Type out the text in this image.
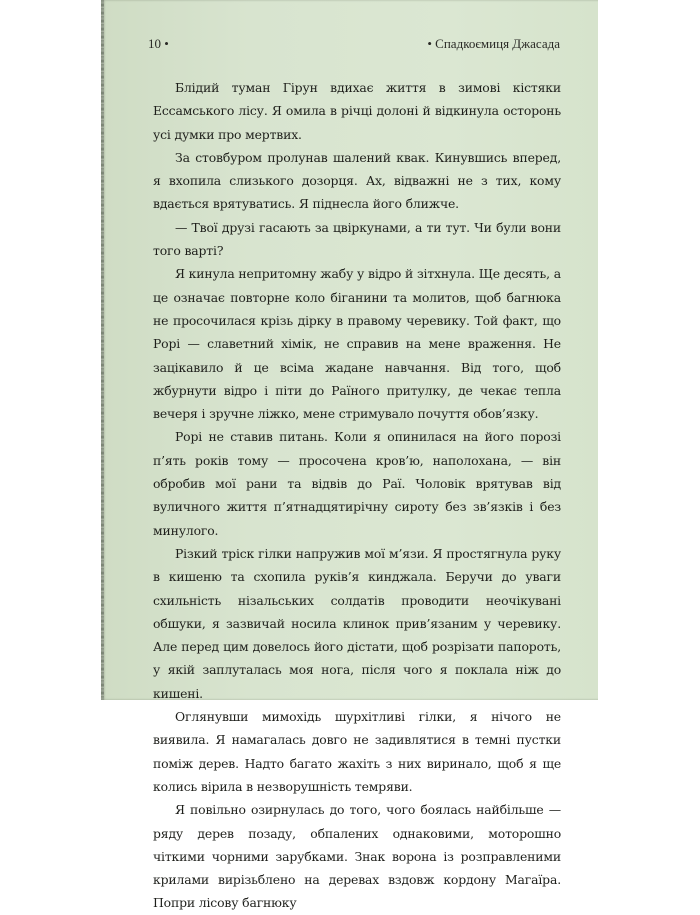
10 •	• Спадкоємиця Джасада

Блідий туман Гірун вдихає життя в зимові кістяки Ессамського лісу. Я омила в річці долоні й відкинула осторонь усі думки про мертвих.

За стовбуром пролунав шалений квак. Кинувшись вперед, я вхопила слизького дозорця. Ах, відважні не з тих, кому вдається врятуватись. Я піднесла його ближче.

— Твої друзі гасають за цвіркунами, а ти тут. Чи були вони того варті?

Я кинула непритомну жабу у відро й зітхнула. Ще десять, а це означає повторне коло біганини та молитов, щоб багнюка не просочилася крізь дірку в правому черевику. Той факт, що Рорі — славетний хімік, не справив на мене враження. Не зацікавило й це всіма жадане навчання. Від того, щоб жбурнути відро і піти до Раїного притулку, де чекає тепла вечеря і зручне ліжко, мене стримувало почуття обов’язку.

Рорі не ставив питань. Коли я опинилася на його порозі п’ять років тому — просочена кров’ю, наполохана, — він обробив мої рани та відвів до Раї. Чоловік врятував від вуличного життя п’ятнадцятирічну сироту без зв’язків і без минулого.

Різкий тріск гілки напружив мої м’язи. Я простягнула руку в кишеню та схопила руків’я кинджала. Беручи до уваги схильність нізальських солдатів проводити неочікувані обшуки, я зазвичай носила клинок прив’язаним у черевику. Але перед цим довелось його дістати, щоб розрізати папороть, у якій заплуталась моя нога, після чого я поклала ніж до кишені.

Оглянувши мимохідь шурхітливі гілки, я нічого не виявила. Я намагалась довго не задивлятися в темні пустки поміж дерев. Надто багато жахіть з них виринало, щоб я ще колись вірила в незворушність темряви.

Я повільно озирнулась до того, чого боялась найбільше — ряду дерев позаду, обпалених однаковими, моторошно чіткими чорними зарубками. Знак ворона із розправленими крилами вирізьблено на деревах вздовж кордону Магаїра. Попри лісову багнюку
